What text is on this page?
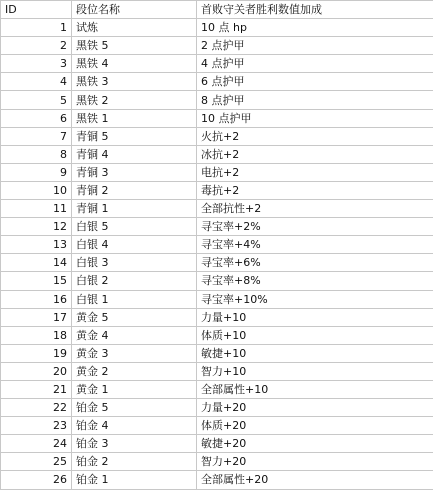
ID	段位名称	首败守关者胜利数值加成
1	试炼	10 点 hp
2	黑铁 5	2 点护甲
3	黑铁 4	4 点护甲
4	黑铁 3	6 点护甲
5	黑铁 2	8 点护甲
6	黑铁 1	10 点护甲
7	青铜 5	火抗+2
8	青铜 4	冰抗+2
9	青铜 3	电抗+2
10	青铜 2	毒抗+2
11	青铜 1	全部抗性+2
12	白银 5	寻宝率+2%
13	白银 4	寻宝率+4%
14	白银 3	寻宝率+6%
15	白银 2	寻宝率+8%
16	白银 1	寻宝率+10%
17	黄金 5	力量+10
18	黄金 4	体质+10
19	黄金 3	敏捷+10
20	黄金 2	智力+10
21	黄金 1	全部属性+10
22	铂金 5	力量+20
23	铂金 4	体质+20
24	铂金 3	敏捷+20
25	铂金 2	智力+20
26	铂金 1	全部属性+20
